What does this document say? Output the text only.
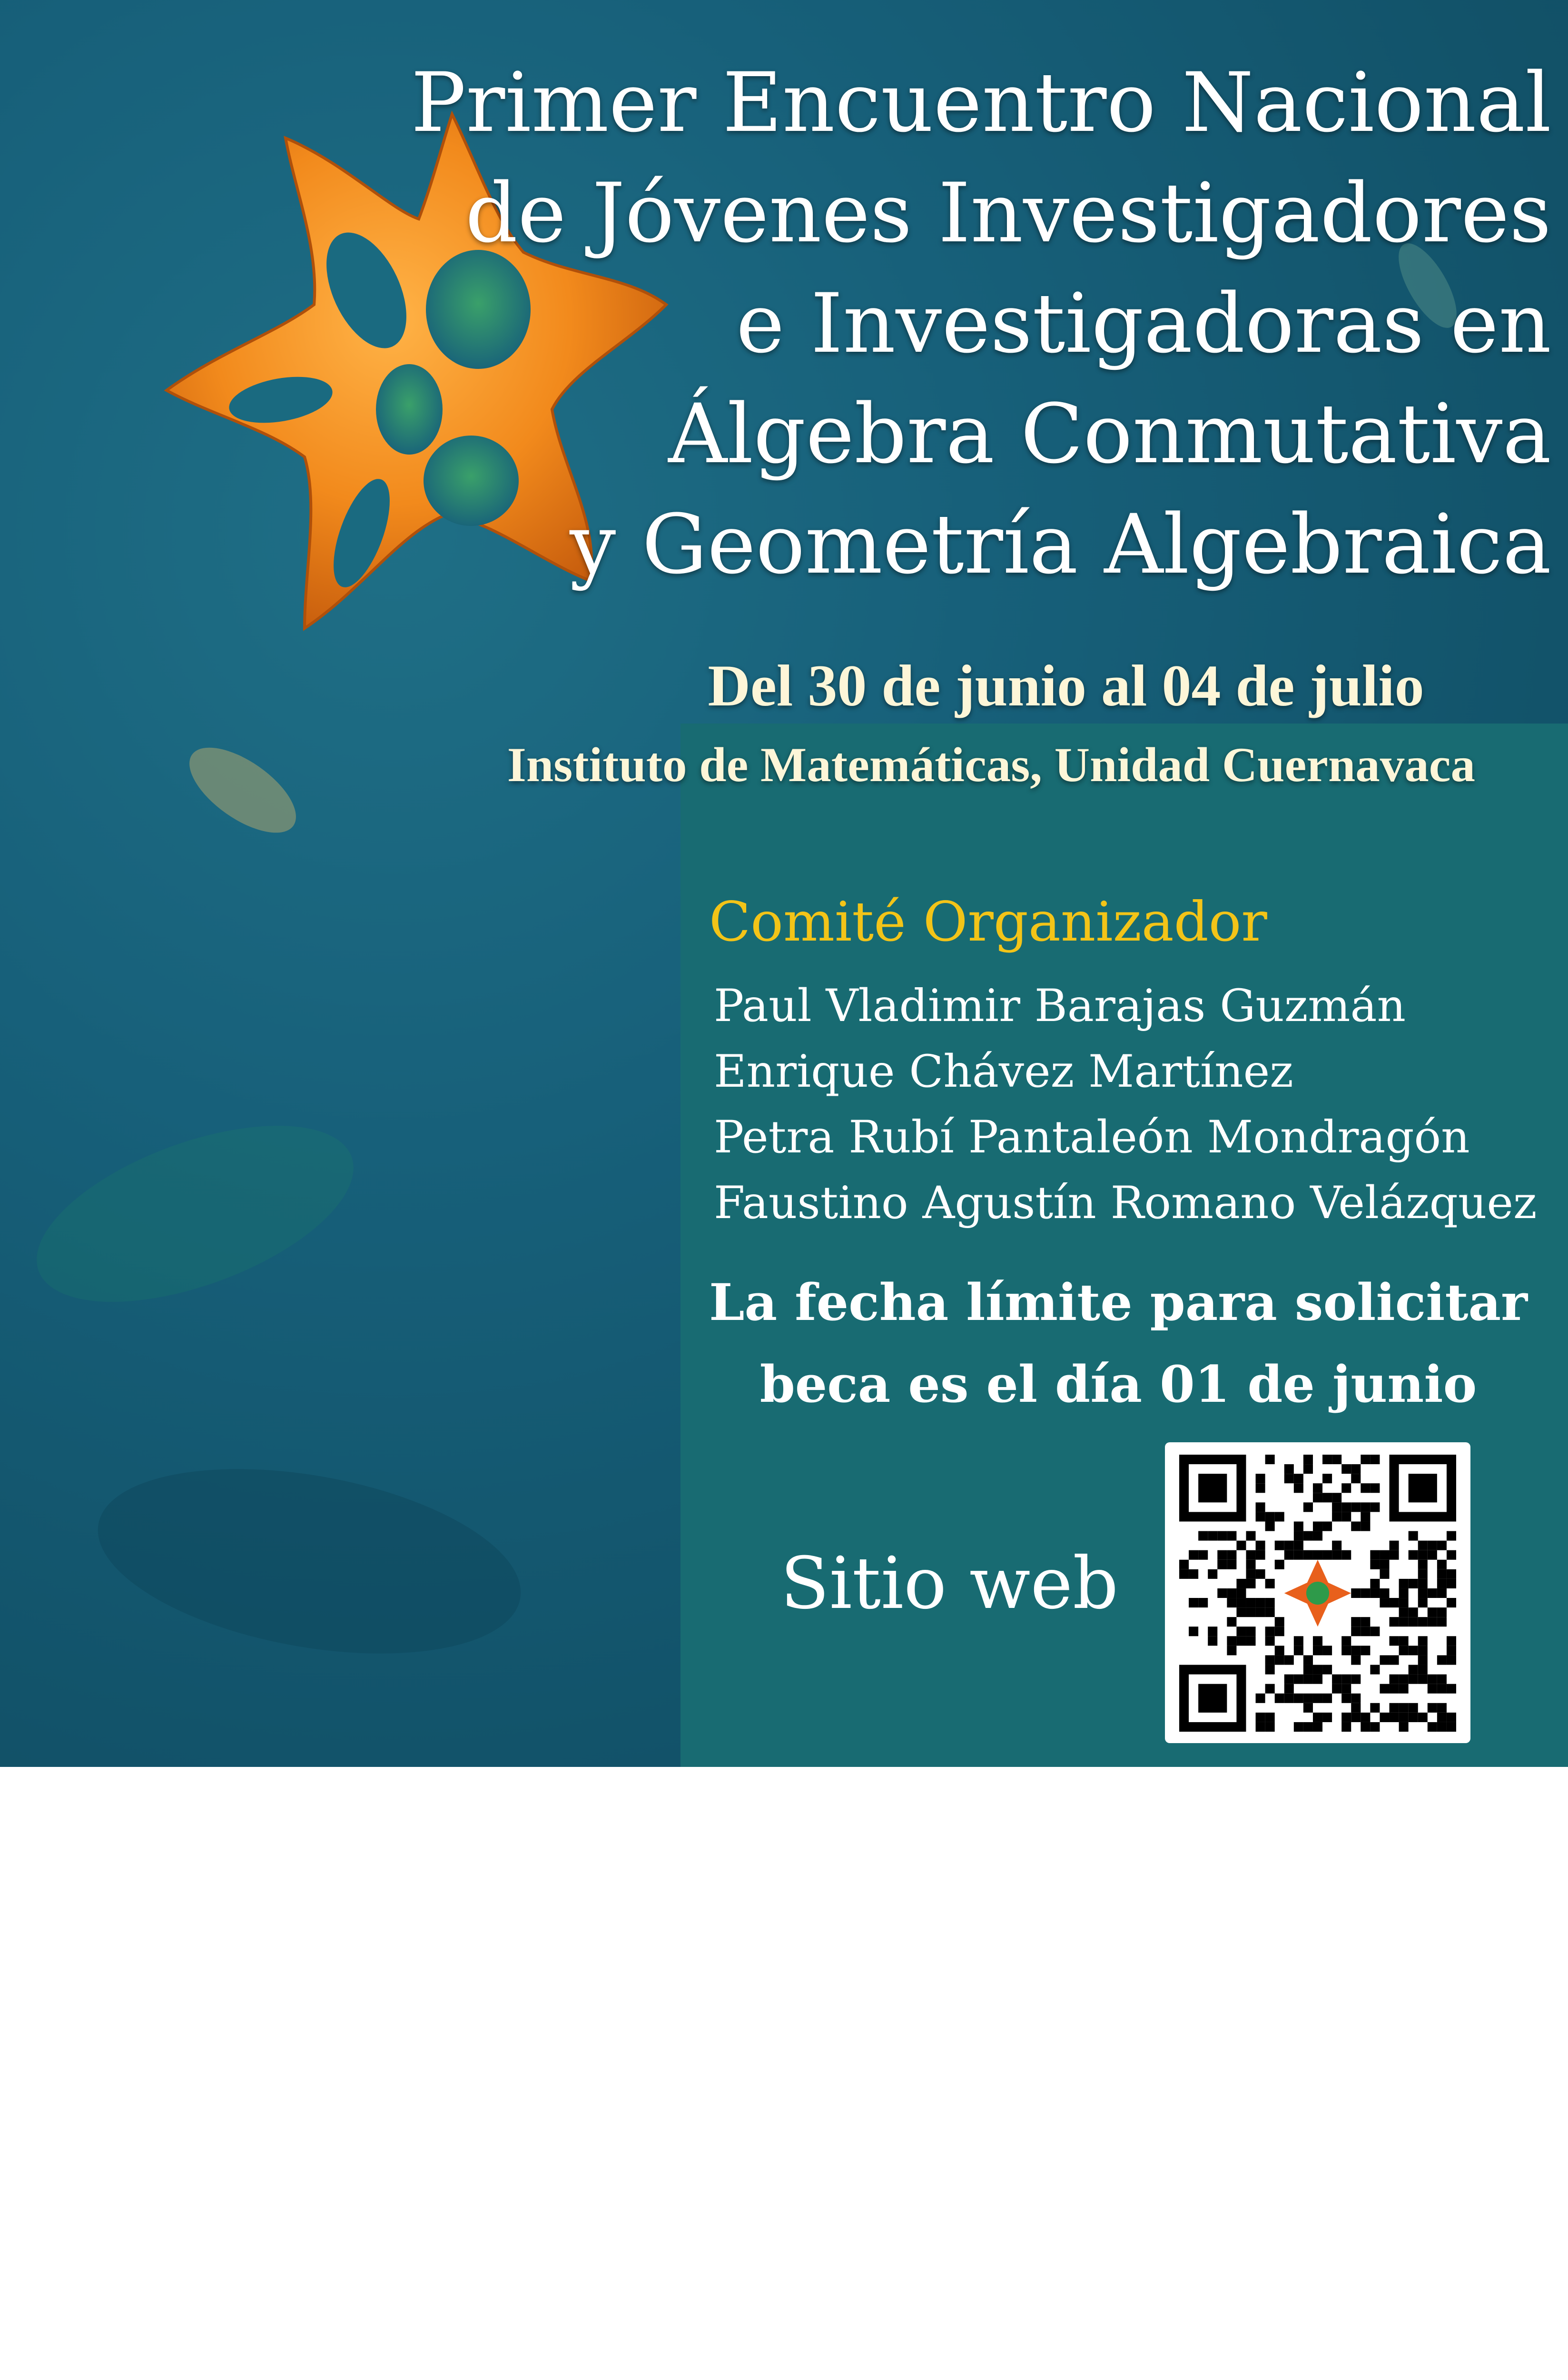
Primer Encuentro Nacional
de Jóvenes Investigadores
e Investigadoras en
Álgebra Conmutativa
y Geometría Algebraica
Del 30 de junio al 04 de julio
Instituto de Matemáticas, Unidad Cuernavaca
Comité Organizador
Paul Vladimir Barajas Guzmán
Enrique Chávez Martínez
Petra Rubí Pantaleón Mondragón
Faustino Agustín Romano Velázquez
La fecha límite para solicitar
beca es el día 01 de junio
Sitio web
